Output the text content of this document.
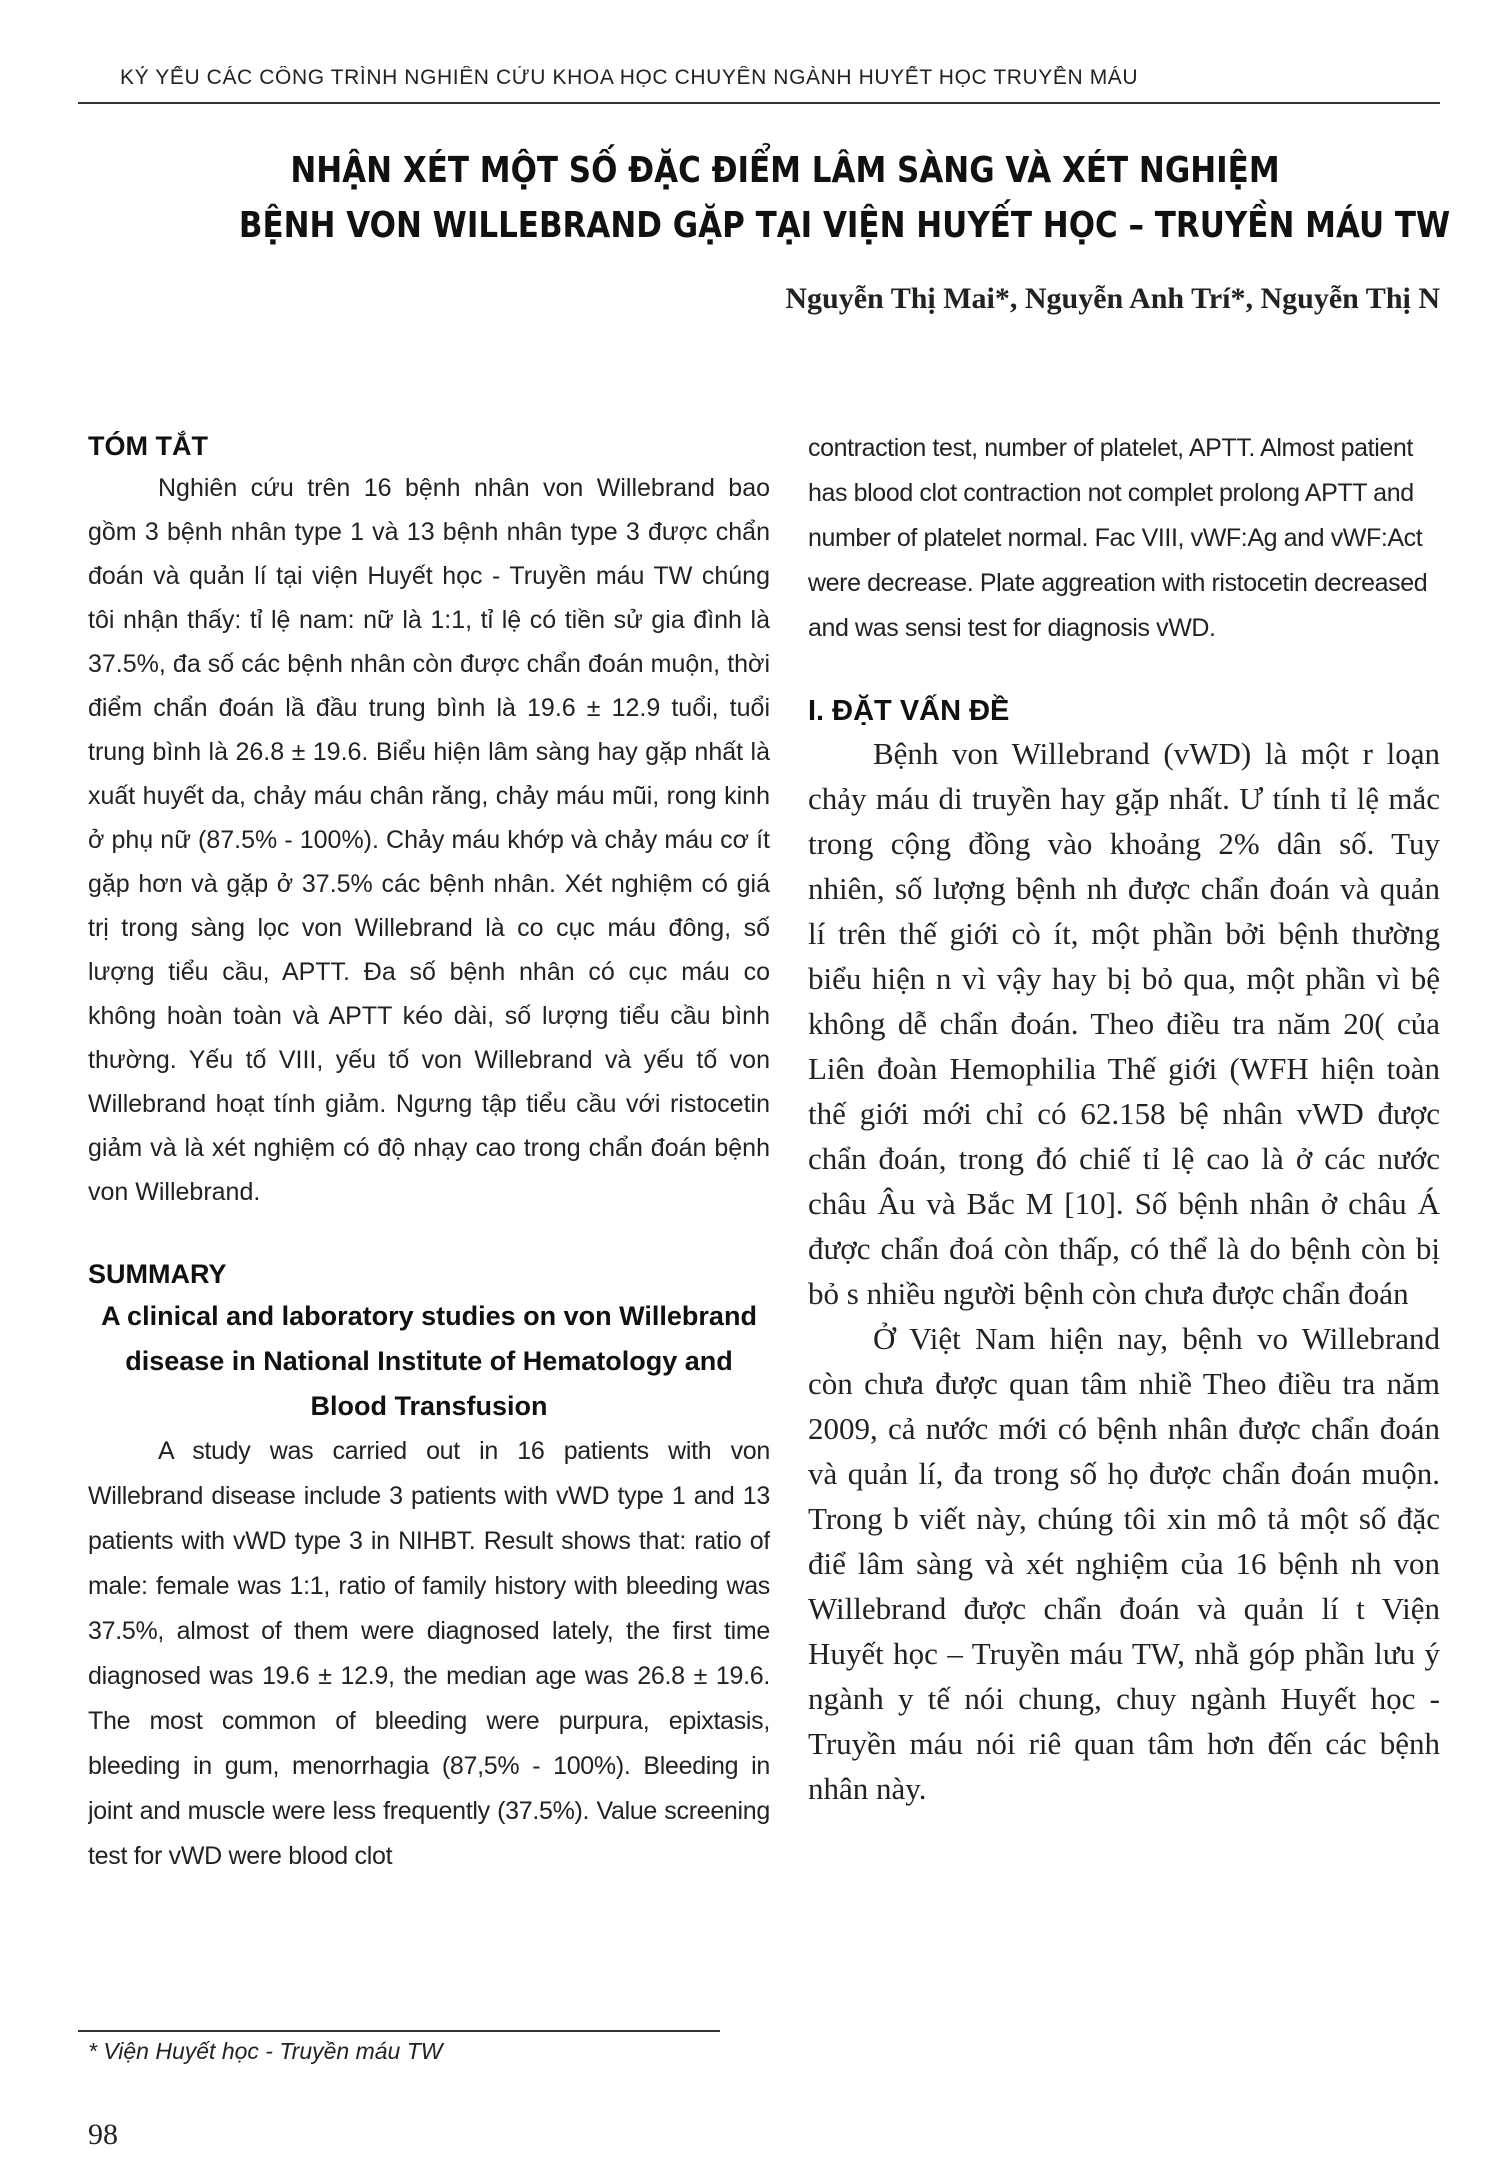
KỶ YẾU CÁC CÔNG TRÌNH NGHIÊN CỨU KHOA HỌC CHUYÊN NGÀNH HUYẾT HỌC TRUYỀN MÁU
NHẬN XÉT MỘT SỐ ĐẶC ĐIỂM LÂM SÀNG VÀ XÉT NGHIỆM
BỆNH VON WILLEBRAND GẶP TẠI VIỆN HUYẾT HỌC – TRUYỀN MÁU TW
Nguyễn Thị Mai*, Nguyễn Anh Trí*, Nguyễn Thị N
TÓM TẮT

Nghiên cứu trên 16 bệnh nhân von Willebrand bao gồm 3 bệnh nhân type 1 và 13 bệnh nhân type 3 được chẩn đoán và quản lí tại viện Huyết học - Truyền máu TW chúng tôi nhận thấy: tỉ lệ nam: nữ là 1:1, tỉ lệ có tiền sử gia đình là 37.5%, đa số các bệnh nhân còn được chẩn đoán muộn, thời điểm chẩn đoán lầ đầu trung bình là 19.6 ± 12.9 tuổi, tuổi trung bình là 26.8 ± 19.6. Biểu hiện lâm sàng hay gặp nhất là xuất huyết da, chảy máu chân răng, chảy máu mũi, rong kinh ở phụ nữ (87.5% - 100%). Chảy máu khớp và chảy máu cơ ít gặp hơn và gặp ở 37.5% các bệnh nhân. Xét nghiệm có giá trị trong sàng lọc von Willebrand là co cục máu đông, số lượng tiểu cầu, APTT. Đa số bệnh nhân có cục máu co không hoàn toàn và APTT kéo dài, số lượng tiểu cầu bình thường. Yếu tố VIII, yếu tố von Willebrand và yếu tố von Willebrand hoạt tính giảm. Ngưng tập tiểu cầu với ristocetin giảm và là xét nghiệm có độ nhạy cao trong chẩn đoán bệnh von Willebrand.

SUMMARY

A clinical and laboratory studies on von Willebrand disease in National Institute of Hematology and Blood Transfusion

A study was carried out in 16 patients with von Willebrand disease include 3 patients with vWD type 1 and 13 patients with vWD type 3 in NIHBT. Result shows that: ratio of male: female was 1:1, ratio of family history with bleeding was 37.5%, almost of them were diagnosed lately, the first time diagnosed was 19.6 ± 12.9, the median age was 26.8 ± 19.6. The most common of bleeding were purpura, epixtasis, bleeding in gum, menorrhagia (87,5% - 100%). Bleeding in joint and muscle were less frequently (37.5%). Value screening test for vWD were blood clot

contraction test, number of platelet, APTT. Almost patient has blood clot contraction not complet prolong APTT and number of platelet normal. Fac VIII, vWF:Ag and vWF:Act were decrease. Plate aggreation with ristocetin decreased and was sensi test for diagnosis vWD.

I. ĐẶT VẤN ĐỀ

Bệnh von Willebrand (vWD) là một r loạn chảy máu di truyền hay gặp nhất. Ư tính tỉ lệ mắc trong cộng đồng vào khoảng 2% dân số. Tuy nhiên, số lượng bệnh nh được chẩn đoán và quản lí trên thế giới cò ít, một phần bởi bệnh thường biểu hiện n vì vậy hay bị bỏ qua, một phần vì bệ không dễ chẩn đoán. Theo điều tra năm 20( của Liên đoàn Hemophilia Thế giới (WFH hiện toàn thế giới mới chỉ có 62.158 bệ nhân vWD được chẩn đoán, trong đó chiế tỉ lệ cao là ở các nước châu Âu và Bắc M [10]. Số bệnh nhân ở châu Á được chẩn đoá còn thấp, có thể là do bệnh còn bị bỏ s nhiều người bệnh còn chưa được chẩn đoán

Ở Việt Nam hiện nay, bệnh vo Willebrand còn chưa được quan tâm nhiề Theo điều tra năm 2009, cả nước mới có bệnh nhân được chẩn đoán và quản lí, đa trong số họ được chẩn đoán muộn. Trong b viết này, chúng tôi xin mô tả một số đặc điể lâm sàng và xét nghiệm của 16 bệnh nh von Willebrand được chẩn đoán và quản lí t Viện Huyết học – Truyền máu TW, nhằ góp phần lưu ý ngành y tế nói chung, chuy ngành Huyết học - Truyền máu nói riê quan tâm hơn đến các bệnh nhân này.

* Viện Huyết học - Truyền máu TW
98
